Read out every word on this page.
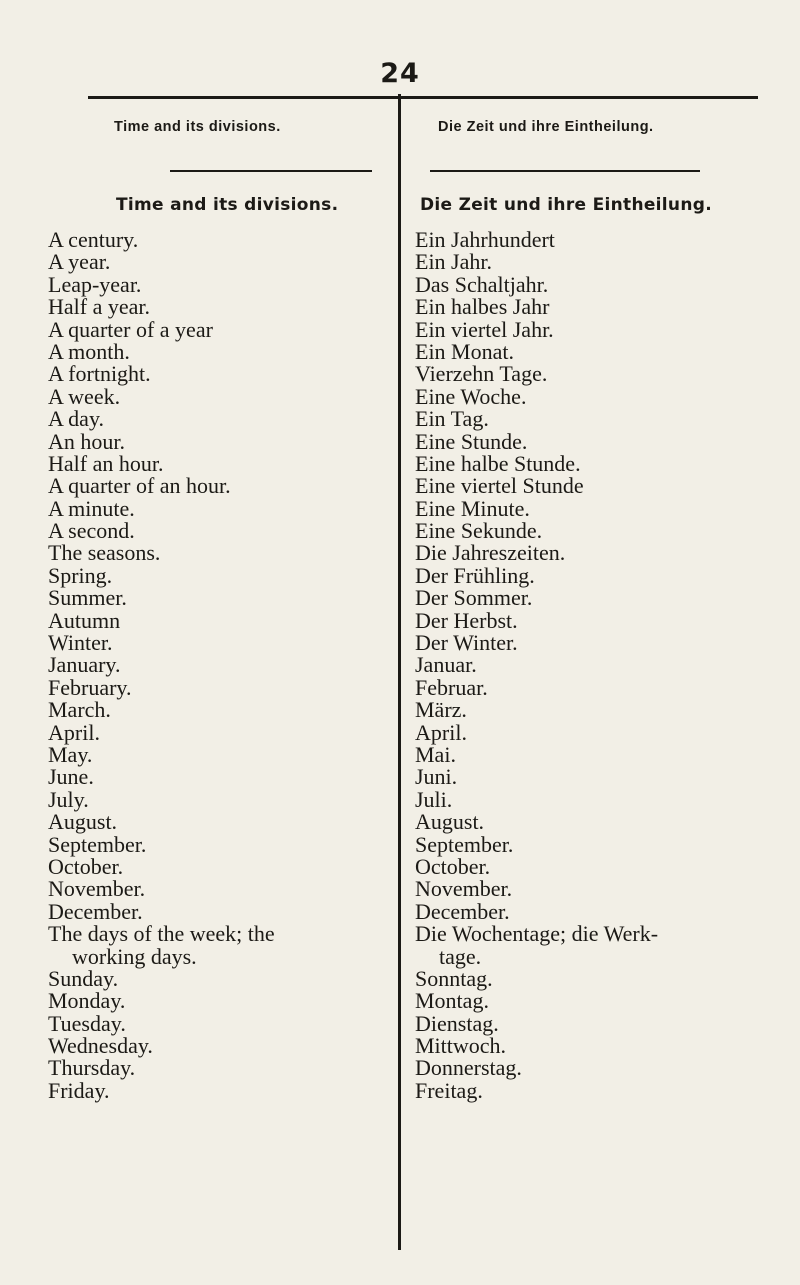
24
Time and its divisions.	Die Zeit und ihre Eintheilung.
Time and its divisions.	Die Zeit und ihre Eintheilung.
A century.
A year.
Leap-year.
Half a year.
A quarter of a year
A month.
A fortnight.
A week.
A day.
An hour.
Half an hour.
A quarter of an hour.
A minute.
A second.
The seasons.
Spring.
Summer.
Autumn
Winter.
January.
February.
March.
April.
May.
June.
July.
August.
September.
October.
November.
December.
The days of the week; the
working days.
Sunday.
Monday.
Tuesday.
Wednesday.
Thursday.
Friday.
Ein Jahrhundert
Ein Jahr.
Das Schaltjahr.
Ein halbes Jahr
Ein viertel Jahr.
Ein Monat.
Vierzehn Tage.
Eine Woche.
Ein Tag.
Eine Stunde.
Eine halbe Stunde.
Eine viertel Stunde
Eine Minute.
Eine Sekunde.
Die Jahreszeiten.
Der Frühling.
Der Sommer.
Der Herbst.
Der Winter.
Januar.
Februar.
März.
April.
Mai.
Juni.
Juli.
August.
September.
October.
November.
December.
Die Wochentage; die Werk-
tage.
Sonntag.
Montag.
Dienstag.
Mittwoch.
Donnerstag.
Freitag.
